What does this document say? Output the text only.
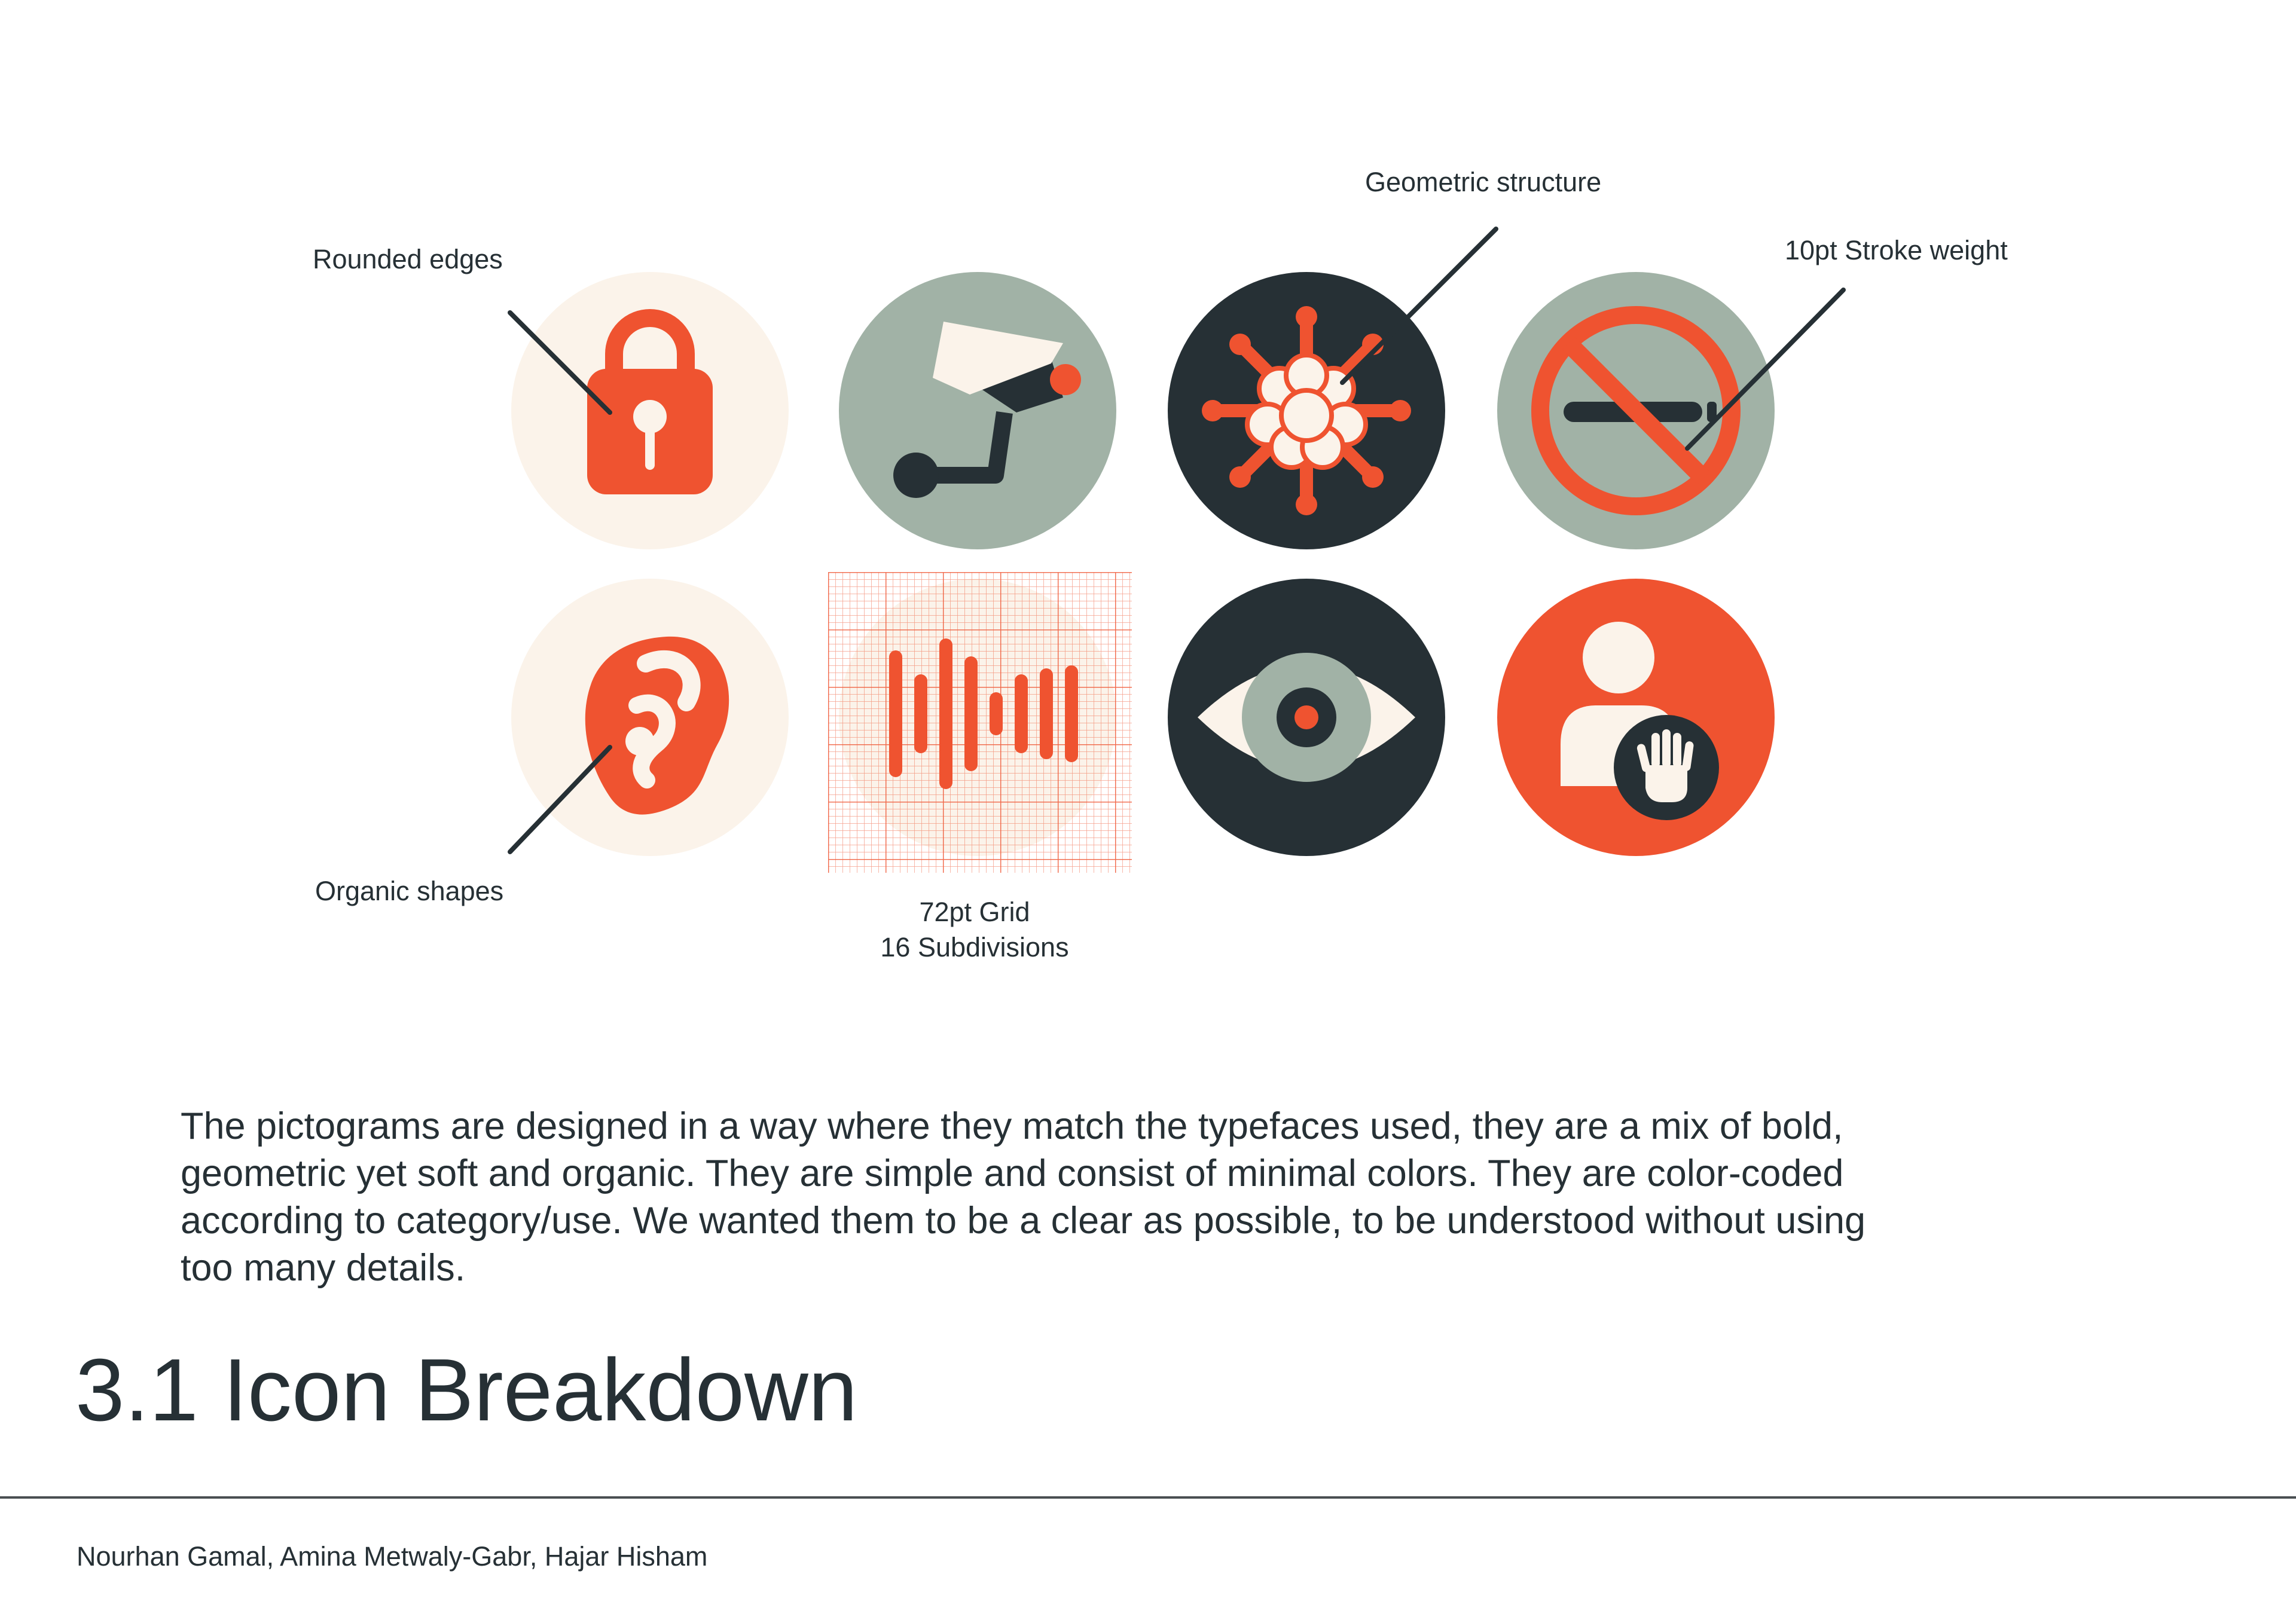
Rounded edges
Geometric structure
10pt Stroke weight
Organic shapes
72pt Grid
16 Subdivisions

The pictograms are designed in a way where they match the typefaces used, they are a mix of bold, geometric yet soft and organic. They are simple and consist of minimal colors. They are color-coded according to category/use. We wanted them to be a clear as possible, to be understood without using too many details.

3.1 Icon Breakdown
Nourhan Gamal, Amina Metwaly-Gabr, Hajar Hisham
